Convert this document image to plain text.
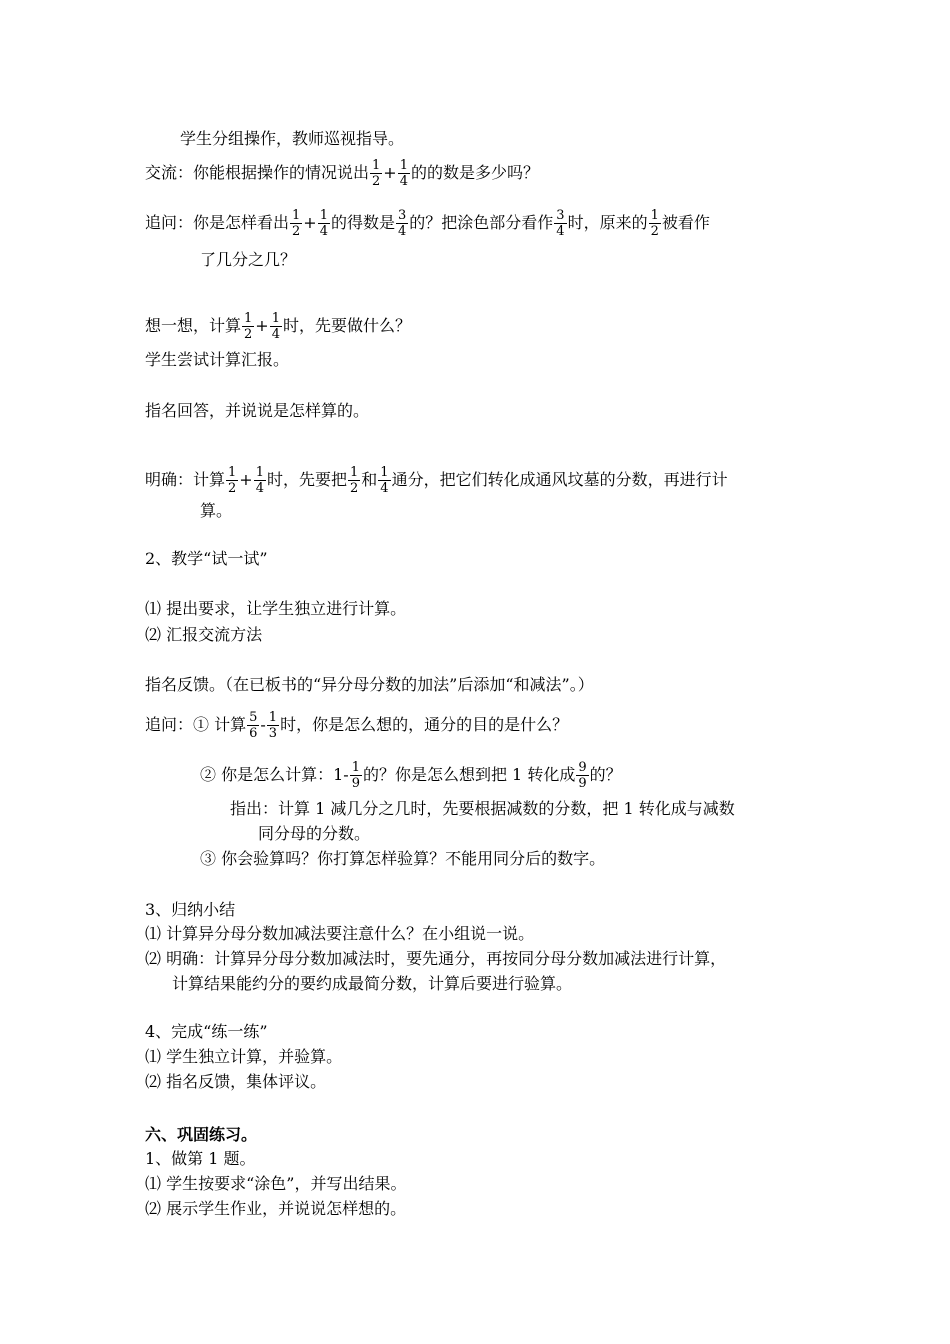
学生分组操作，教师巡视指导。
交流：你能根据操作的情况说出 $\frac{1}{2} + \frac{1}{4}$ 的的数是多少吗？
追问：你是怎样看出 $\frac{1}{2} + \frac{1}{4}$ 的得数是 $\frac{3}{4}$ 的？把涂色部分看作 $\frac{3}{4}$ 时，原来的 $\frac{1}{2}$ 被看作
了几分之几？
想一想，计算 $\frac{1}{2} + \frac{1}{4}$ 时，先要做什么？
学生尝试计算汇报。
指名回答，并说说是怎样算的。
明确：计算 $\frac{1}{2} + \frac{1}{4}$ 时，先要把 $\frac{1}{2}$ 和 $\frac{1}{4}$ 通分，把它们转化成通风坟墓的分数，再进行计
算。
2、教学“试一试”
⑴ 提出要求，让学生独立进行计算。
⑵ 汇报交流方法
指名反馈。（在已板书的“异分母分数的加法”后添加“和减法”。）
追问：① 计算 $\frac{5}{6} - \frac{1}{3}$ 时，你是怎么想的，通分的目的是什么？
② 你是怎么计算：$1- \frac{1}{9}$ 的？你是怎么想到把 1 转化成 $\frac{9}{9}$ 的？
指出：计算 1 减几分之几时，先要根据减数的分数，把 1 转化成与减数
同分母的分数。
③ 你会验算吗？你打算怎样验算？不能用同分后的数字。
3、归纳小结
⑴ 计算异分母分数加减法要注意什么？在小组说一说。
⑵ 明确：计算异分母分数加减法时，要先通分，再按同分母分数加减法进行计算，
计算结果能约分的要约成最简分数，计算后要进行验算。
4、完成“练一练”
⑴ 学生独立计算，并验算。
⑵ 指名反馈，集体评议。
六、巩固练习。
1、做第 1 题。
⑴ 学生按要求“涂色”，并写出结果。
⑵ 展示学生作业，并说说怎样想的。
